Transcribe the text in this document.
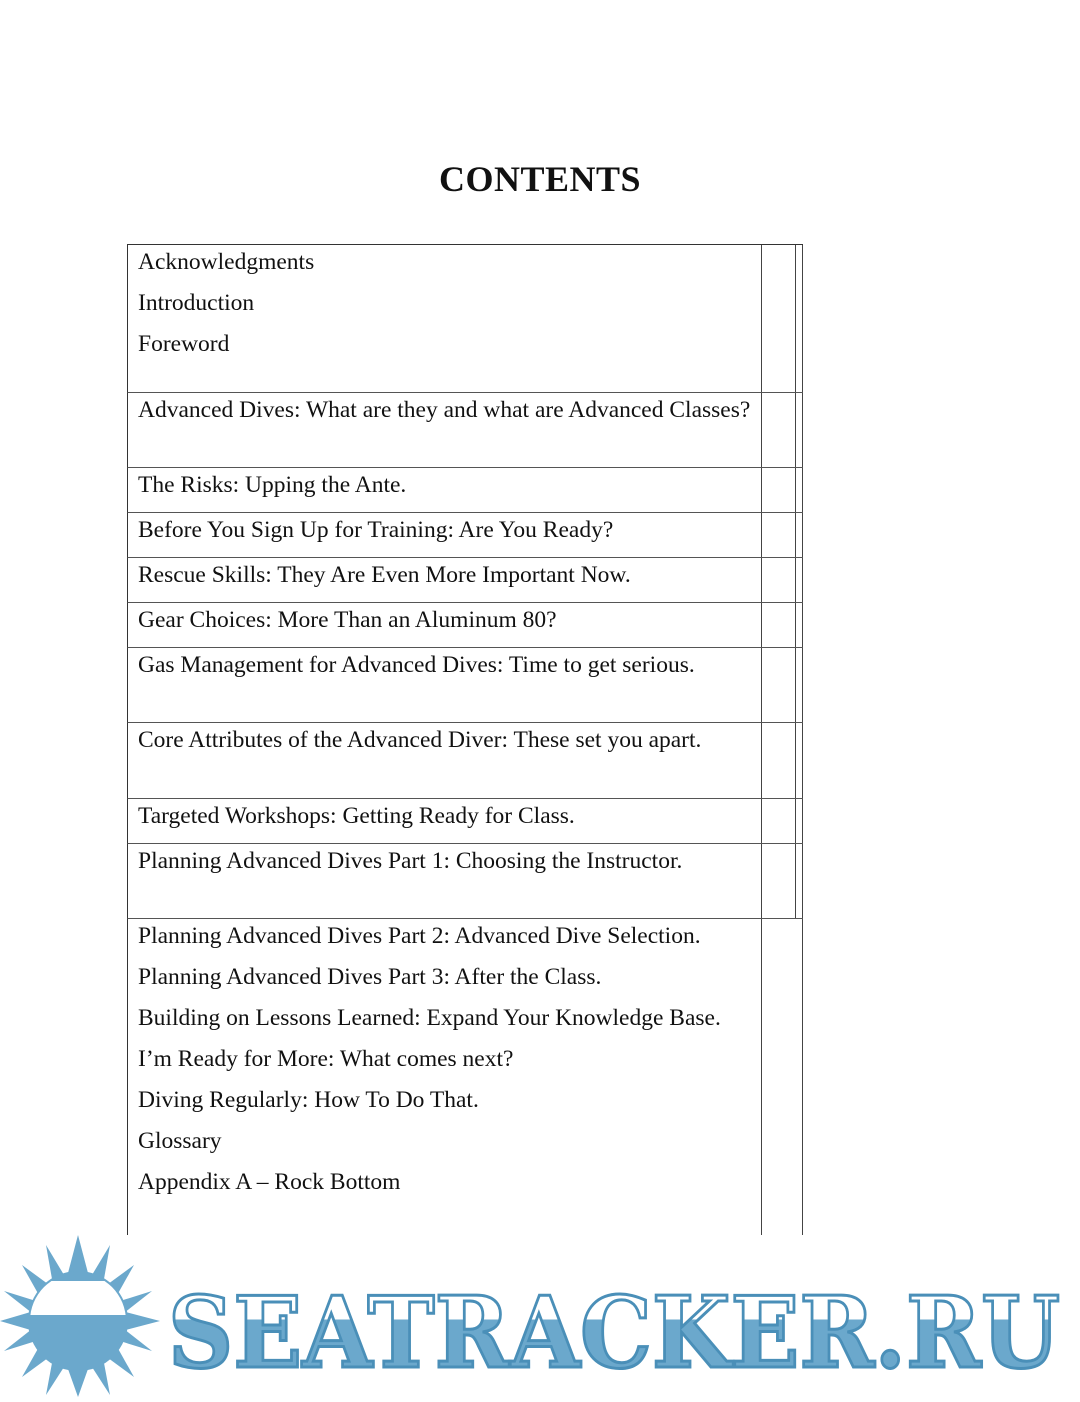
CONTENTS

Acknowledgments

Introduction

Foreword

Advanced Dives: What are they and what are Advanced Classes?

The Risks: Upping the Ante.

Before You Sign Up for Training: Are You Ready?

Rescue Skills: They Are Even More Important Now.

Gear Choices: More Than an Aluminum 80?

Gas Management for Advanced Dives: Time to get serious.

Core Attributes of the Advanced Diver: These set you apart.

Targeted Workshops: Getting Ready for Class.

Planning Advanced Dives Part 1: Choosing the Instructor.

Planning Advanced Dives Part 2: Advanced Dive Selection.

Planning Advanced Dives Part 3: After the Class.

Building on Lessons Learned: Expand Your Knowledge Base.

I’m Ready for More: What comes next?

Diving Regularly: How To Do That.

Glossary

Appendix A – Rock Bottom

SEATRACKER.RU
